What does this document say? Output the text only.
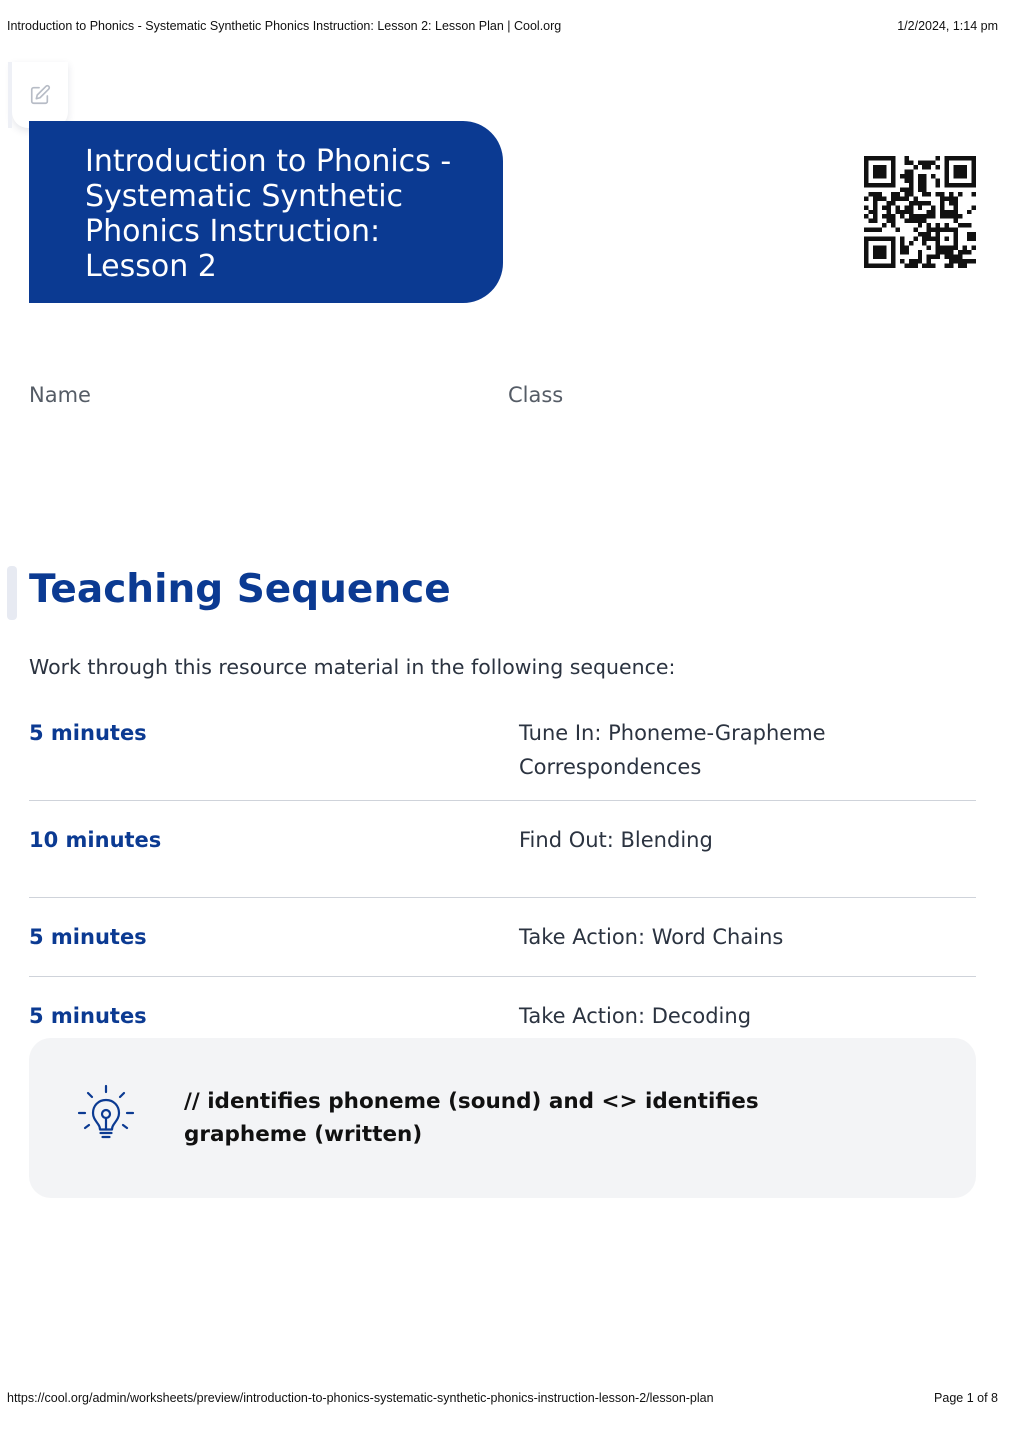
Introduction to Phonics - Systematic Synthetic Phonics Instruction: Lesson 2: Lesson Plan | Cool.org	1/2/2024, 1:14 pm
Introduction to Phonics - Systematic Synthetic Phonics Instruction: Lesson 2
Name	Class
Teaching Sequence

Work through this resource material in the following sequence:

5 minutes	Tune In: Phoneme-Grapheme Correspondences
10 minutes	Find Out: Blending
5 minutes	Take Action: Word Chains
5 minutes	Take Action: Decoding

// identifies phoneme (sound) and <> identifies grapheme (written)

https://cool.org/admin/worksheets/preview/introduction-to-phonics-systematic-synthetic-phonics-instruction-lesson-2/lesson-plan	Page 1 of 8
